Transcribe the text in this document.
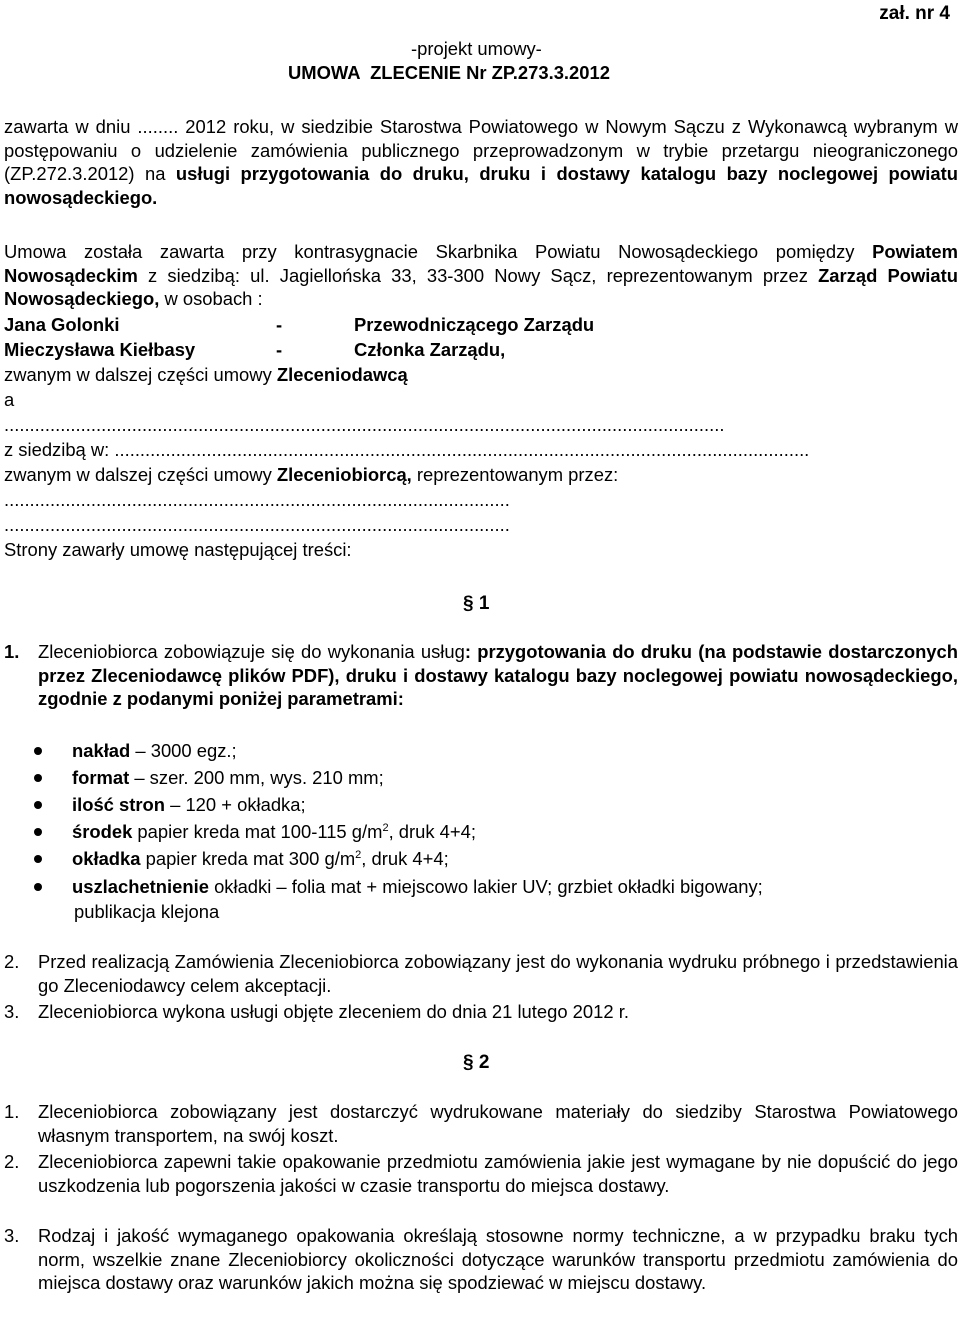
zał. nr 4
-projekt umowy-
UMOWA  ZLECENIE Nr ZP.273.3.2012
zawarta w dniu ........ 2012 roku, w siedzibie Starostwa Powiatowego w Nowym Sączu z Wykonawcą wybranym w postępowaniu o udzielenie zamówienia publicznego przeprowadzonym w trybie przetargu nieograniczonego (ZP.272.3.2012) na usługi przygotowania do druku, druku i dostawy katalogu bazy noclegowej powiatu nowosądeckiego.
Umowa została zawarta przy kontrasygnacie Skarbnika Powiatu Nowosądeckiego pomiędzy Powiatem Nowosądeckim z siedzibą: ul. Jagiellońska 33, 33-300 Nowy Sącz, reprezentowanym przez Zarząd Powiatu Nowosądeckiego, w osobach :
Jana Golonki	-	Przewodniczącego Zarządu
Mieczysława Kiełbasy	-	Członka Zarządu,
zwanym w dalszej części umowy Zleceniodawcą
a
.............................................................................................................................................
z siedzibą w: ........................................................................................................................................
zwanym w dalszej części umowy Zleceniobiorcą, reprezentowanym przez:
...................................................................................................
...................................................................................................
Strony zawarły umowę następującej treści:
§ 1
1. Zleceniobiorca zobowiązuje się do wykonania usług: przygotowania do druku (na podstawie dostarczonych przez Zleceniodawcę plików PDF), druku i dostawy katalogu bazy noclegowej powiatu nowosądeckiego, zgodnie z podanymi poniżej parametrami:
nakład – 3000 egz.;
format – szer. 200 mm, wys. 210 mm;
ilość stron – 120 + okładka;
środek papier kreda mat 100-115 $g/m^2$, druk 4+4;
okładka papier kreda mat 300 $g/m^2$, druk 4+4;
uszlachetnienie okładki – folia mat + miejscowo lakier UV; grzbiet okładki bigowany;
publikacja klejona
2. Przed realizacją Zamówienia Zleceniobiorca zobowiązany jest do wykonania wydruku próbnego i przedstawienia go Zleceniodawcy celem akceptacji.
3. Zleceniobiorca wykona usługi objęte zleceniem do dnia 21 lutego 2012 r.
§ 2
1. Zleceniobiorca zobowiązany jest dostarczyć wydrukowane materiały do siedziby Starostwa Powiatowego własnym transportem, na swój koszt.
2. Zleceniobiorca zapewni takie opakowanie przedmiotu zamówienia jakie jest wymagane by nie dopuścić do jego uszkodzenia lub pogorszenia jakości w czasie transportu do miejsca dostawy.
3. Rodzaj i jakość wymaganego opakowania określają stosowne normy techniczne, a w przypadku braku tych norm, wszelkie znane Zleceniobiorcy okoliczności dotyczące warunków transportu przedmiotu zamówienia do miejsca dostawy oraz warunków jakich można się spodziewać w miejscu dostawy.
